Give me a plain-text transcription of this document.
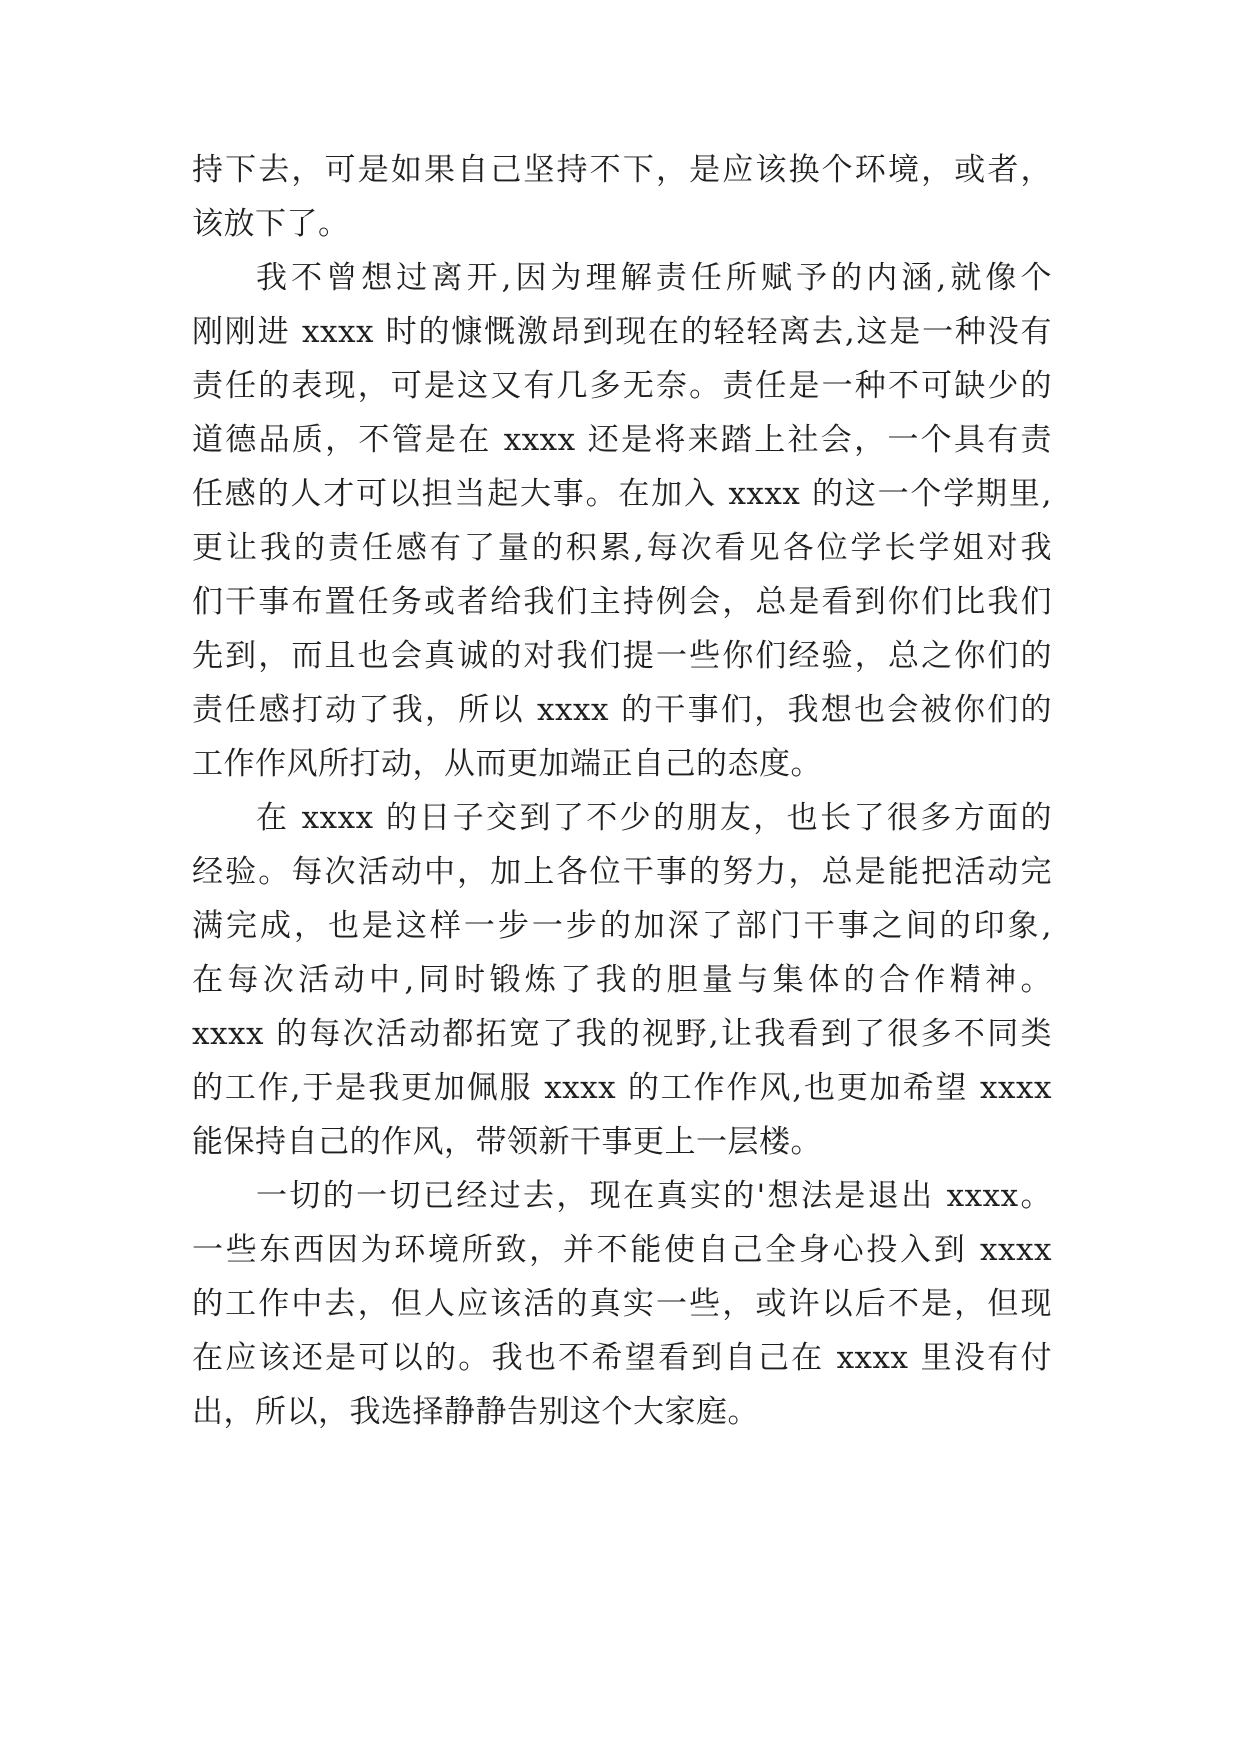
持下去，可是如果自己坚持不下，是应该换个环境，或者，
该放下了。
我不曾想过离开,因为理解责任所赋予的内涵,就像个
刚刚进 xxxx 时的慷慨激昂到现在的轻轻离去,这是一种没有
责任的表现，可是这又有几多无奈。责任是一种不可缺少的
道德品质，不管是在 xxxx 还是将来踏上社会，一个具有责
任感的人才可以担当起大事。在加入 xxxx 的这一个学期里,
更让我的责任感有了量的积累,每次看见各位学长学姐对我
们干事布置任务或者给我们主持例会，总是看到你们比我们
先到，而且也会真诚的对我们提一些你们经验，总之你们的
责任感打动了我，所以 xxxx 的干事们，我想也会被你们的
工作作风所打动，从而更加端正自己的态度。
在 xxxx 的日子交到了不少的朋友，也长了很多方面的
经验。每次活动中，加上各位干事的努力，总是能把活动完
满完成，也是这样一步一步的加深了部门干事之间的印象,
在每次活动中,同时锻炼了我的胆量与集体的合作精神。
xxxx 的每次活动都拓宽了我的视野,让我看到了很多不同类
的工作,于是我更加佩服 xxxx 的工作作风,也更加希望 xxxx
能保持自己的作风，带领新干事更上一层楼。
一切的一切已经过去，现在真实的'想法是退出 xxxx。
一些东西因为环境所致，并不能使自己全身心投入到 xxxx
的工作中去，但人应该活的真实一些，或许以后不是，但现
在应该还是可以的。我也不希望看到自己在 xxxx 里没有付
出，所以，我选择静静告别这个大家庭。
